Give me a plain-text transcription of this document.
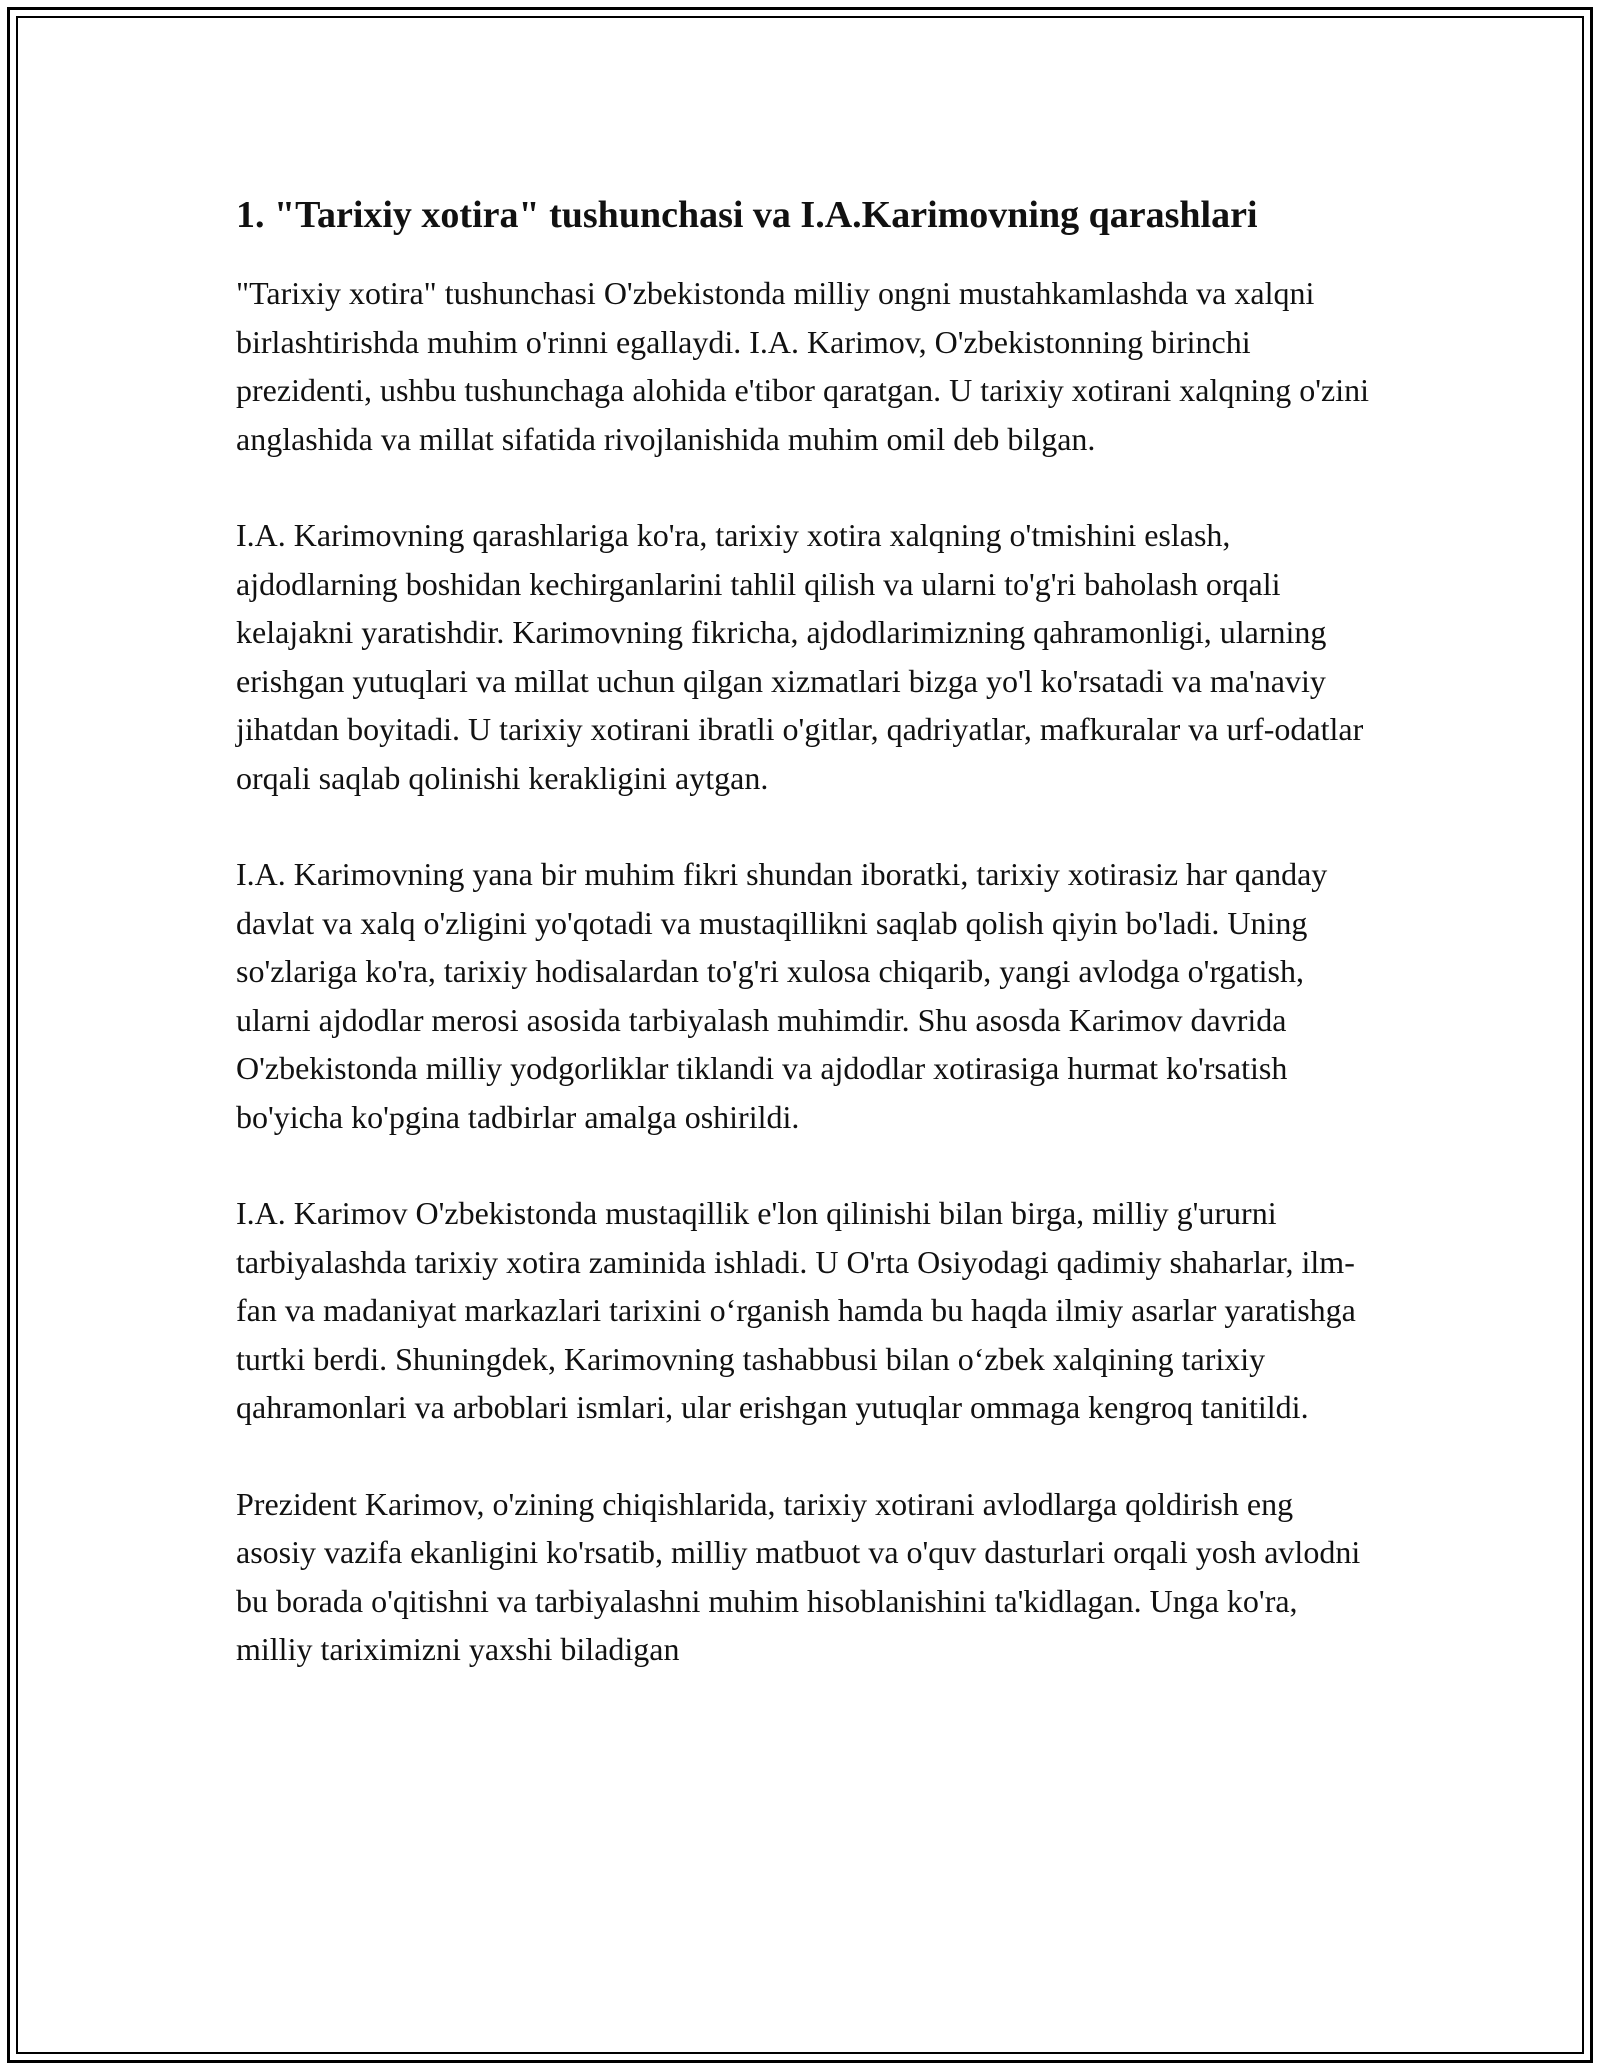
1. "Tarixiy xotira" tushunchasi va I.A.Karimovning qarashlari

"Tarixiy xotira" tushunchasi O'zbekistonda milliy ongni mustahkamlashda va xalqni birlashtirishda muhim o'rinni egallaydi. I.A. Karimov, O'zbekistonning birinchi prezidenti, ushbu tushunchaga alohida e'tibor qaratgan. U tarixiy xotirani xalqning o'zini anglashida va millat sifatida rivojlanishida muhim omil deb bilgan.

I.A. Karimovning qarashlariga ko'ra, tarixiy xotira xalqning o'tmishini eslash, ajdodlarning boshidan kechirganlarini tahlil qilish va ularni to'g'ri baholash orqali kelajakni yaratishdir. Karimovning fikricha, ajdodlarimizning qahramonligi, ularning erishgan yutuqlari va millat uchun qilgan xizmatlari bizga yo'l ko'rsatadi va ma'naviy jihatdan boyitadi. U tarixiy xotirani ibratli o'gitlar, qadriyatlar, mafkuralar va urf-odatlar orqali saqlab qolinishi kerakligini aytgan.

I.A. Karimovning yana bir muhim fikri shundan iboratki, tarixiy xotirasiz har qanday davlat va xalq o'zligini yo'qotadi va mustaqillikni saqlab qolish qiyin bo'ladi. Uning so'zlariga ko'ra, tarixiy hodisalardan to'g'ri xulosa chiqarib, yangi avlodga o'rgatish, ularni ajdodlar merosi asosida tarbiyalash muhimdir. Shu asosda Karimov davrida O'zbekistonda milliy yodgorliklar tiklandi va ajdodlar xotirasiga hurmat ko'rsatish bo'yicha ko'pgina tadbirlar amalga oshirildi.

I.A. Karimov O'zbekistonda mustaqillik e'lon qilinishi bilan birga, milliy g'ururni tarbiyalashda tarixiy xotira zaminida ishladi. U O'rta Osiyodagi qadimiy shaharlar, ilm-fan va madaniyat markazlari tarixini o‘rganish hamda bu haqda ilmiy asarlar yaratishga turtki berdi. Shuningdek, Karimovning tashabbusi bilan o‘zbek xalqining tarixiy qahramonlari va arboblari ismlari, ular erishgan yutuqlar ommaga kengroq tanitildi.

Prezident Karimov, o'zining chiqishlarida, tarixiy xotirani avlodlarga qoldirish eng asosiy vazifa ekanligini ko'rsatib, milliy matbuot va o'quv dasturlari orqali yosh avlodni bu borada o'qitishni va tarbiyalashni muhim hisoblanishini ta'kidlagan. Unga ko'ra, milliy tariximizni yaxshi biladigan
